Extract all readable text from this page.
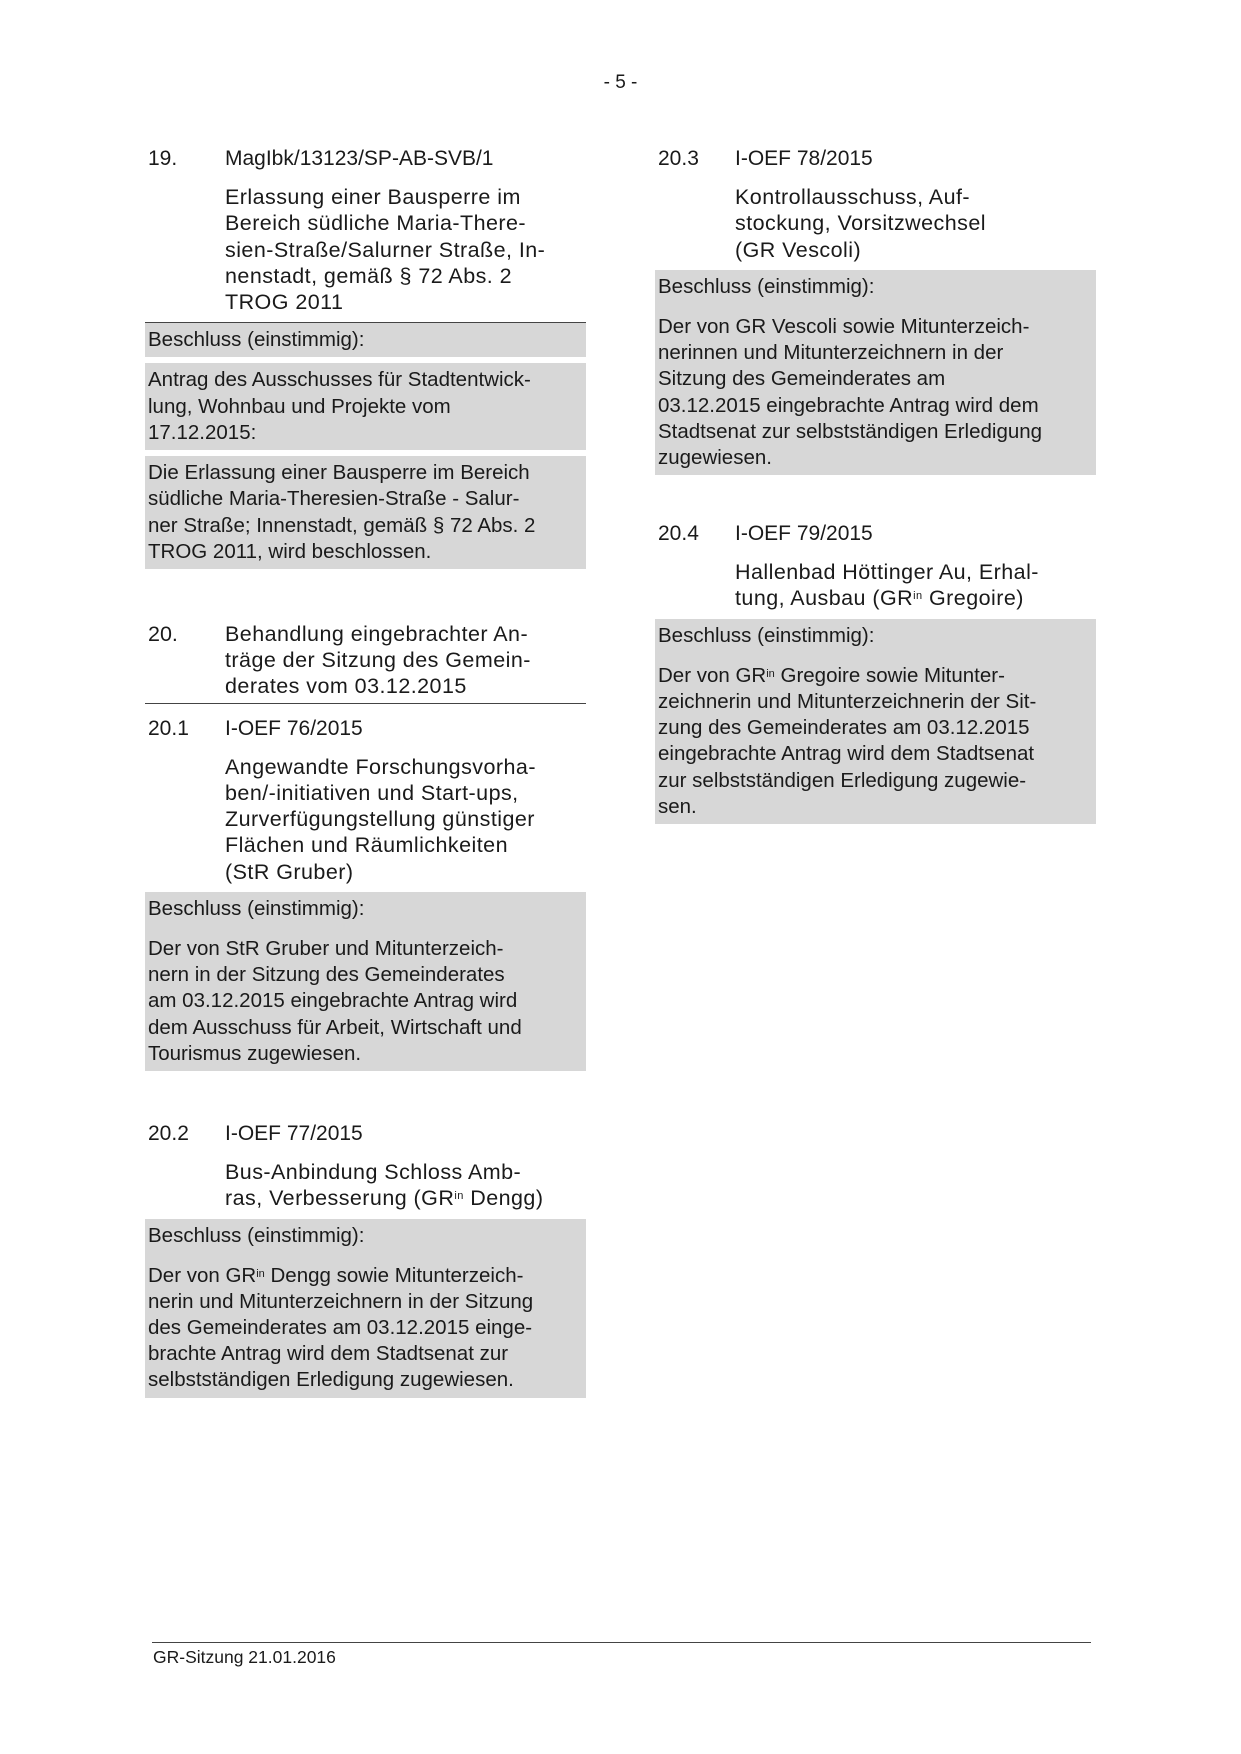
- 5 -
19.	MagIbk/13123/SP-AB-SVB/1
Erlassung einer Bausperre im
Bereich südliche Maria-There-
sien-Straße/Salurner Straße, In-
nenstadt, gemäß § 72 Abs. 2
TROG 2011
Beschluss (einstimmig):

Antrag des Ausschusses für Stadtentwick-

lung, Wohnbau und Projekte vom

17.12.2015:

Die Erlassung einer Bausperre im Bereich

südliche Maria-Theresien-Straße - Salur-

ner Straße; Innenstadt, gemäß § 72 Abs. 2

TROG 2011, wird beschlossen.

20.	Behandlung eingebrachter An-
träge der Sitzung des Gemein-
derates vom 03.12.2015
20.1	I-OEF 76/2015
Angewandte Forschungsvorha-
ben/-initiativen und Start-ups,
Zurverfügungstellung günstiger
Flächen und Räumlichkeiten
(StR Gruber)
Beschluss (einstimmig):

Der von StR Gruber und Mitunterzeich-

nern in der Sitzung des Gemeinderates

am 03.12.2015 eingebrachte Antrag wird

dem Ausschuss für Arbeit, Wirtschaft und

Tourismus zugewiesen.

20.2	I-OEF 77/2015
Bus-Anbindung Schloss Amb-
ras, Verbesserung ($GR^{in}$ Dengg)
Beschluss (einstimmig):

Der von $GR^{in}$ Dengg sowie Mitunterzeich-

nerin und Mitunterzeichnern in der Sitzung

des Gemeinderates am 03.12.2015 einge-

brachte Antrag wird dem Stadtsenat zur

selbstständigen Erledigung zugewiesen.

20.3	I-OEF 78/2015
Kontrollausschuss, Auf-
stockung, Vorsitzwechsel
(GR Vescoli)
Beschluss (einstimmig):

Der von GR Vescoli sowie Mitunterzeich-

nerinnen und Mitunterzeichnern in der

Sitzung des Gemeinderates am

03.12.2015 eingebrachte Antrag wird dem

Stadtsenat zur selbstständigen Erledigung

zugewiesen.

20.4	I-OEF 79/2015
Hallenbad Höttinger Au, Erhal-
tung, Ausbau ($GR^{in}$ Gregoire)
Beschluss (einstimmig):

Der von $GR^{in}$ Gregoire sowie Mitunter-

zeichnerin und Mitunterzeichnerin der Sit-

zung des Gemeinderates am 03.12.2015

eingebrachte Antrag wird dem Stadtsenat

zur selbstständigen Erledigung zugewie-

sen.

GR-Sitzung 21.01.2016
